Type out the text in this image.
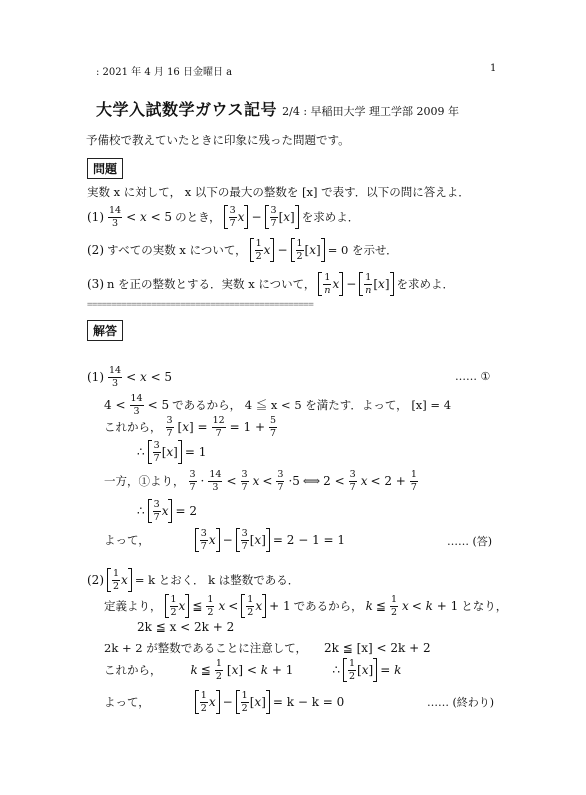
: 2021 年 4 月 16 日金曜日 a	1
大学入試数学ガウス記号 2/4 : 早稲田大学 理工学部 2009 年
予備校で教えていたときに印象に残った問題です。
問題
実数 x に対して， x 以下の最大の整数を [x] で表す．以下の問に答えよ．
(1) 14
3 < x < 5 のとき， 3
7 x − 3
7 [ x ] を求めよ．
(2) すべての実数 x について， 1
2 x − 1
2 [ x ] = 0 を示せ．
(3) n を正の整数とする．実数 x について， 1
n x − 1
n [ x ] を求めよ．
==============================================
解答
(1) 14
3 < x < 5	…… ①
4 < 14
3 < 5 であるから， 4 ≦ x < 5 を満たす．よって， [x] = 4
これから， 3
7 $[x] = \frac{12}{7} = 1 + \frac{5}{7}$
∴ 3
7 [ x ] = 1
一方，①より， 3
7 · 14
3 < 3
7 x < 3
7 ·5 ⟺ 2 < 3
7 $x < 2 + \frac{1}{7}$
∴ 3
7 x = 2
よって，	3
7 x − 3
7 [ x ] = 2 − 1 = 1	…… (答)
(2) 1
2 x = k とおく． k は整数である．
定義より， 1
2 x ≦ 1
2 x < 1
2 x + 1 であるから， k ≦ 1
2 x < k + 1 となり，
2k ≦ x < 2k + 2
2k + 2 が整数であることに注意して， 2k ≦ [x] < 2k + 2
これから， k ≦ 1
2 [x] < k + 1	∴ 1
2 [ x ] = k
よって，	1
2 x − 1
2 [ x ] = k − k = 0	…… (終わり)
